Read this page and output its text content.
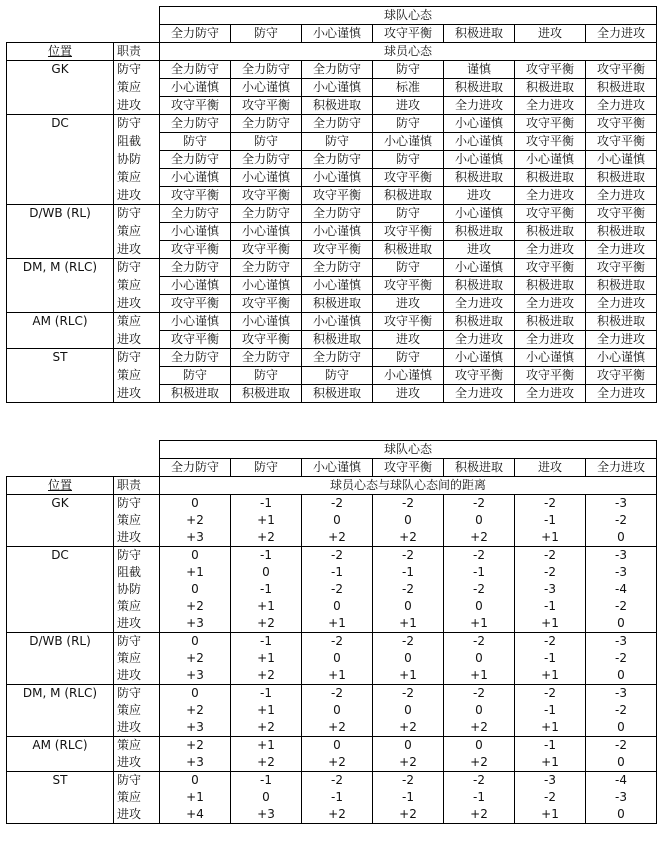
		球队心态						
		全力防守	防守	小心谨慎	攻守平衡	积极进取	进攻	全力进攻
位置	职责	球员心态						
GK	防守	全力防守	全力防守	全力防守	防守	谨慎	攻守平衡	攻守平衡
	策应	小心谨慎	小心谨慎	小心谨慎	标准	积极进取	积极进取	积极进取
	进攻	攻守平衡	攻守平衡	积极进取	进攻	全力进攻	全力进攻	全力进攻
DC	防守	全力防守	全力防守	全力防守	防守	小心谨慎	攻守平衡	攻守平衡
	阻截	防守	防守	防守	小心谨慎	小心谨慎	攻守平衡	攻守平衡
	协防	全力防守	全力防守	全力防守	防守	小心谨慎	小心谨慎	小心谨慎
	策应	小心谨慎	小心谨慎	小心谨慎	攻守平衡	积极进取	积极进取	积极进取
	进攻	攻守平衡	攻守平衡	攻守平衡	积极进取	进攻	全力进攻	全力进攻
D/WB (RL)	防守	全力防守	全力防守	全力防守	防守	小心谨慎	攻守平衡	攻守平衡
	策应	小心谨慎	小心谨慎	小心谨慎	攻守平衡	积极进取	积极进取	积极进取
	进攻	攻守平衡	攻守平衡	攻守平衡	积极进取	进攻	全力进攻	全力进攻
DM, M (RLC)	防守	全力防守	全力防守	全力防守	防守	小心谨慎	攻守平衡	攻守平衡
	策应	小心谨慎	小心谨慎	小心谨慎	攻守平衡	积极进取	积极进取	积极进取
	进攻	攻守平衡	攻守平衡	积极进取	进攻	全力进攻	全力进攻	全力进攻
AM (RLC)	策应	小心谨慎	小心谨慎	小心谨慎	攻守平衡	积极进取	积极进取	积极进取
	进攻	攻守平衡	攻守平衡	积极进取	进攻	全力进攻	全力进攻	全力进攻
ST	防守	全力防守	全力防守	全力防守	防守	小心谨慎	小心谨慎	小心谨慎
	策应	防守	防守	防守	小心谨慎	攻守平衡	攻守平衡	攻守平衡
	进攻	积极进取	积极进取	积极进取	进攻	全力进攻	全力进攻	全力进攻
		球队心态						
		全力防守	防守	小心谨慎	攻守平衡	积极进取	进攻	全力进攻
位置	职责	球员心态与球队心态间的距离						
GK	防守	0	-1	-2	-2	-2	-2	-3
	策应	+2	+1	0	0	0	-1	-2
	进攻	+3	+2	+2	+2	+2	+1	0
DC	防守	0	-1	-2	-2	-2	-2	-3
	阻截	+1	0	-1	-1	-1	-2	-3
	协防	0	-1	-2	-2	-2	-3	-4
	策应	+2	+1	0	0	0	-1	-2
	进攻	+3	+2	+1	+1	+1	+1	0
D/WB (RL)	防守	0	-1	-2	-2	-2	-2	-3
	策应	+2	+1	0	0	0	-1	-2
	进攻	+3	+2	+1	+1	+1	+1	0
DM, M (RLC)	防守	0	-1	-2	-2	-2	-2	-3
	策应	+2	+1	0	0	0	-1	-2
	进攻	+3	+2	+2	+2	+2	+1	0
AM (RLC)	策应	+2	+1	0	0	0	-1	-2
	进攻	+3	+2	+2	+2	+2	+1	0
ST	防守	0	-1	-2	-2	-2	-3	-4
	策应	+1	0	-1	-1	-1	-2	-3
	进攻	+4	+3	+2	+2	+2	+1	0
